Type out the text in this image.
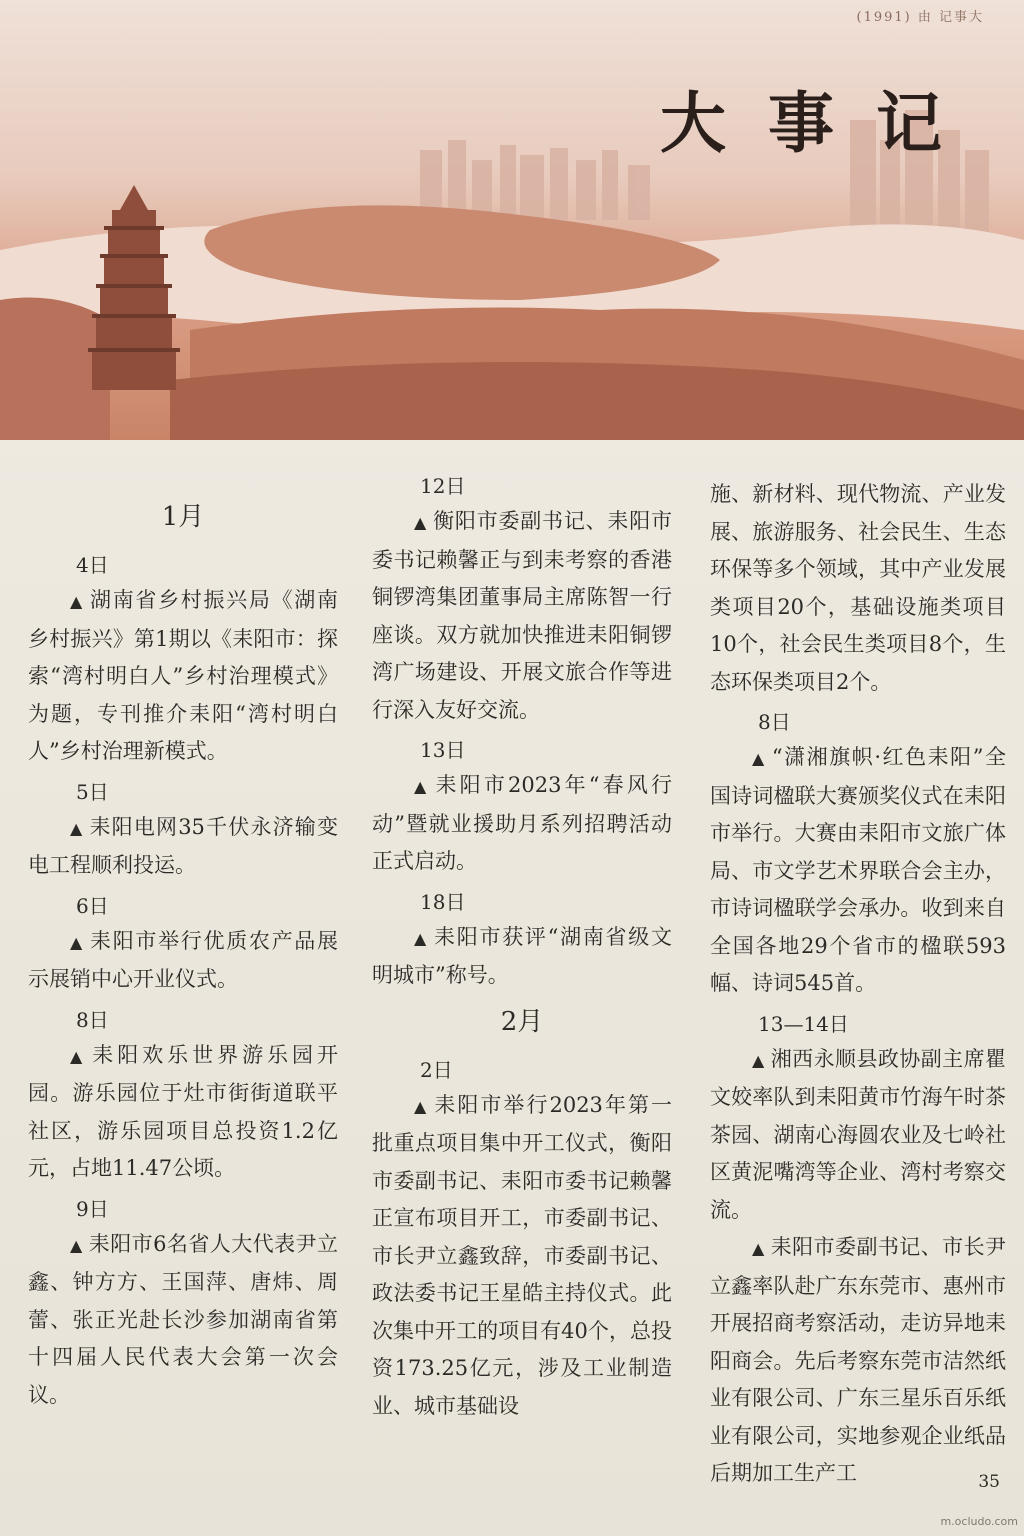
(1991) 由 记事大
大事记

1月

4日

▲ 湖南省乡村振兴局《湖南乡村振兴》第1期以《耒阳市：探索“湾村明白人”乡村治理模式》为题，专刊推介耒阳“湾村明白人”乡村治理新模式。

5日

▲ 耒阳电网35千伏永济输变电工程顺利投运。

6日

▲ 耒阳市举行优质农产品展示展销中心开业仪式。

8日

▲ 耒阳欢乐世界游乐园开园。游乐园位于灶市街街道联平社区，游乐园项目总投资1.2亿元，占地11.47公顷。

9日

▲ 耒阳市6名省人大代表尹立鑫、钟方方、王国萍、唐炜、周蕾、张正光赴长沙参加湖南省第十四届人民代表大会第一次会议。

12日

▲ 衡阳市委副书记、耒阳市委书记赖馨正与到耒考察的香港铜锣湾集团董事局主席陈智一行座谈。双方就加快推进耒阳铜锣湾广场建设、开展文旅合作等进行深入友好交流。

13日

▲ 耒阳市2023年“春风行动”暨就业援助月系列招聘活动正式启动。

18日

▲ 耒阳市获评“湖南省级文明城市”称号。

2月

2日

▲ 耒阳市举行2023年第一批重点项目集中开工仪式，衡阳市委副书记、耒阳市委书记赖馨正宣布项目开工，市委副书记、市长尹立鑫致辞，市委副书记、政法委书记王星皓主持仪式。此次集中开工的项目有40个，总投资173.25亿元，涉及工业制造业、城市基础设

施、新材料、现代物流、产业发展、旅游服务、社会民生、生态环保等多个领域，其中产业发展类项目20个，基础设施类项目10个，社会民生类项目8个，生态环保类项目2个。

8日

▲ “潇湘旗帜·红色耒阳”全国诗词楹联大赛颁奖仪式在耒阳市举行。大赛由耒阳市文旅广体局、市文学艺术界联合会主办，市诗词楹联学会承办。收到来自全国各地29个省市的楹联593幅、诗词545首。

13—14日

▲ 湘西永顺县政协副主席瞿文姣率队到耒阳黄市竹海午时茶茶园、湖南心海圆农业及七岭社区黄泥嘴湾等企业、湾村考察交流。

▲ 耒阳市委副书记、市长尹立鑫率队赴广东东莞市、惠州市开展招商考察活动，走访异地耒阳商会。先后考察东莞市洁然纸业有限公司、广东三星乐百乐纸业有限公司，实地参观企业纸品后期加工生产工	35
m.ocludo.com
